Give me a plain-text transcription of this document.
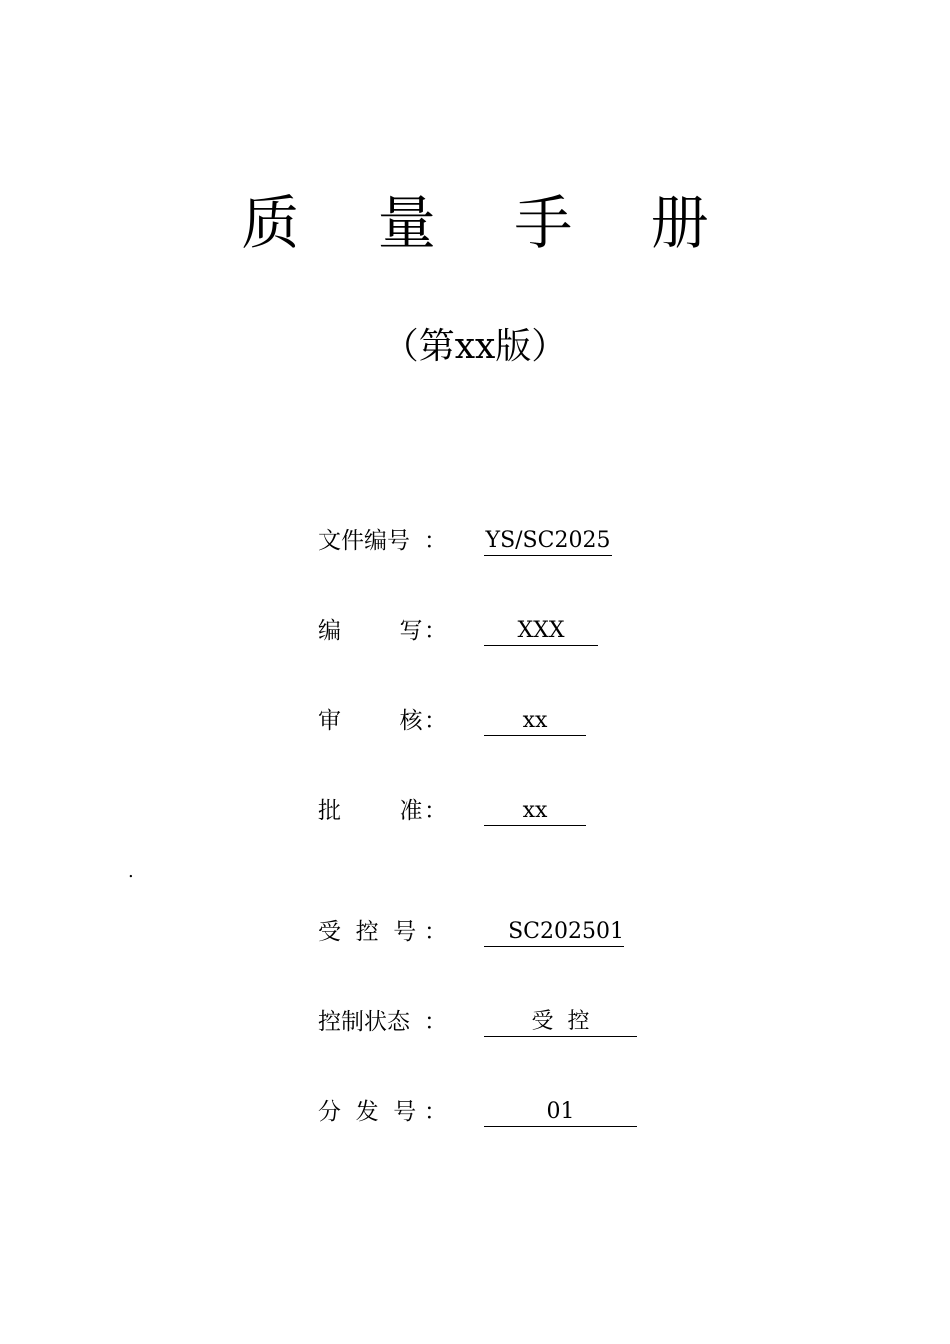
质 量 手 册
（第xx版）
文件编号 ： YS/SC2025
编        写 ：	XXX
审        核 ：	xx
批        准 ：	xx
.
受  控  号 ：	SC202501
控制状态 ：	受  控
分  发  号 ：	01
